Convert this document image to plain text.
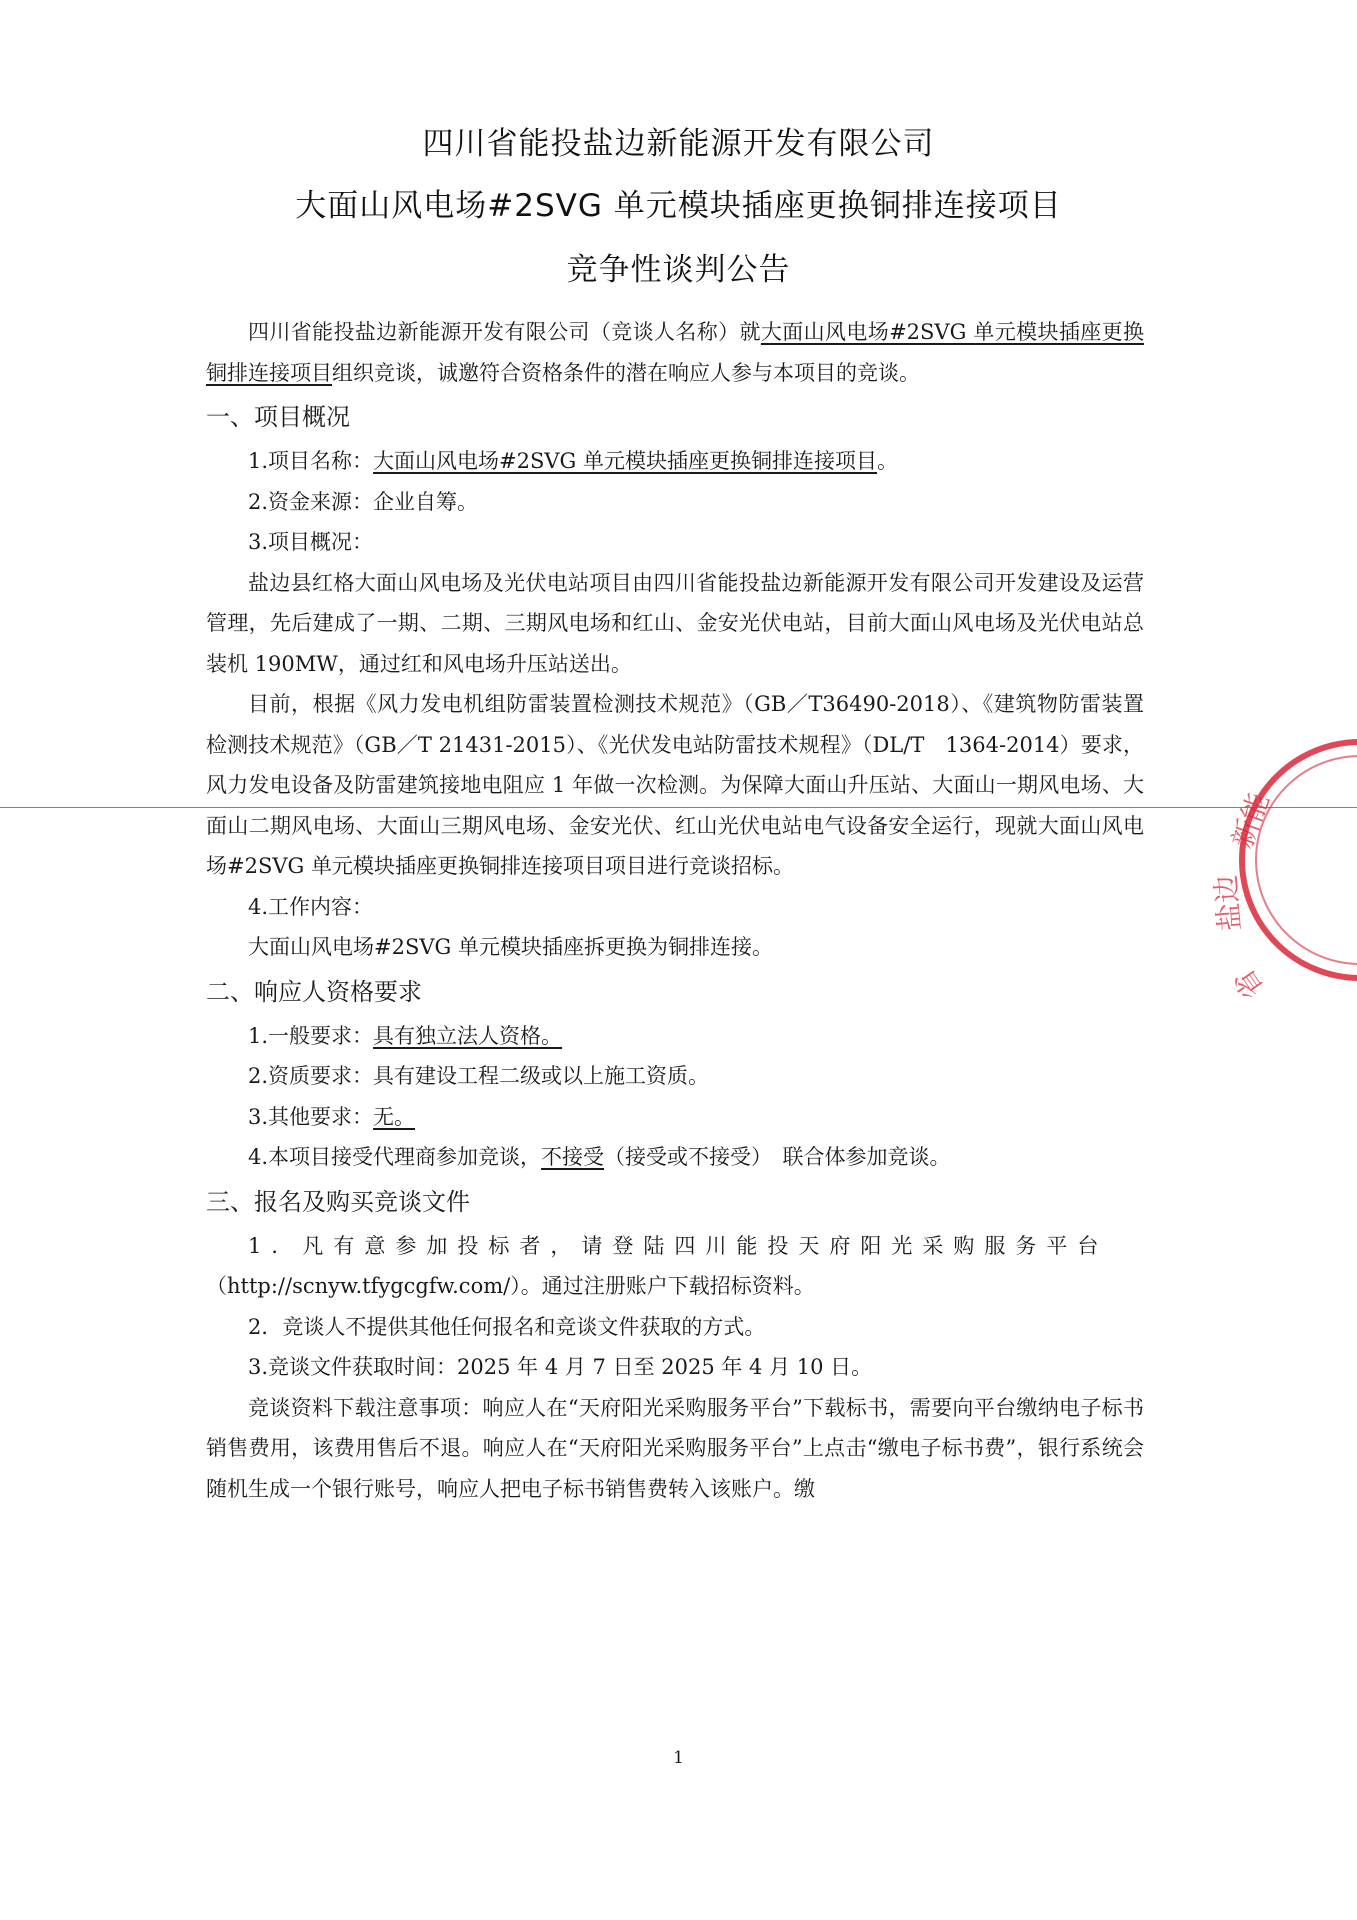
四川省能投盐边新能源开发有限公司
大面山风电场#2SVG 单元模块插座更换铜排连接项目
竞争性谈判公告

四川省能投盐边新能源开发有限公司（竞谈人名称）就大面山风电场#2SVG 单元模块插座更换铜排连接项目组织竞谈，诚邀符合资格条件的潜在响应人参与本项目的竞谈。

一、项目概况

1.项目名称：大面山风电场#2SVG 单元模块插座更换铜排连接项目。

2.资金来源：企业自筹。

3.项目概况：

盐边县红格大面山风电场及光伏电站项目由四川省能投盐边新能源开发有限公司开发建设及运营管理，先后建成了一期、二期、三期风电场和红山、金安光伏电站，目前大面山风电场及光伏电站总装机 190MW，通过红和风电场升压站送出。

目前，根据《风力发电机组防雷装置检测技术规范》（GB／T36490-2018）、《建筑物防雷装置检测技术规范》（GB／T 21431-2015）、《光伏发电站防雷技术规程》（DL/T　1364-2014）要求，风力发电设备及防雷建筑接地电阻应 1 年做一次检测。为保障大面山升压站、大面山一期风电场、大面山二期风电场、大面山三期风电场、金安光伏、红山光伏电站电气设备安全运行，现就大面山风电场#2SVG 单元模块插座更换铜排连接项目项目进行竞谈招标。

4.工作内容：

大面山风电场#2SVG 单元模块插座拆更换为铜排连接。

二、响应人资格要求

1.一般要求：具有独立法人资格。

2.资质要求：具有建设工程二级或以上施工资质。

3.其他要求：无。

4.本项目接受代理商参加竞谈，不接受（接受或不接受）　联合体参加竞谈。

三、报名及购买竞谈文件

1．凡有意参加投标者，请登陆四川能投天府阳光采购服务平台

（http://scnyw.tfygcgfw.com/）。通过注册账户下载招标资料。

2．竞谈人不提供其他任何报名和竞谈文件获取的方式。

3.竞谈文件获取时间：2025 年 4 月 7 日至 2025 年 4 月 10 日。

竞谈资料下载注意事项：响应人在“天府阳光采购服务平台”下载标书，需要向平台缴纳电子标书销售费用，该费用售后不退。响应人在“天府阳光采购服务平台”上点击“缴电子标书费”，银行系统会随机生成一个银行账号，响应人把电子标书销售费转入该账户。缴

新能
盐边
省
1
